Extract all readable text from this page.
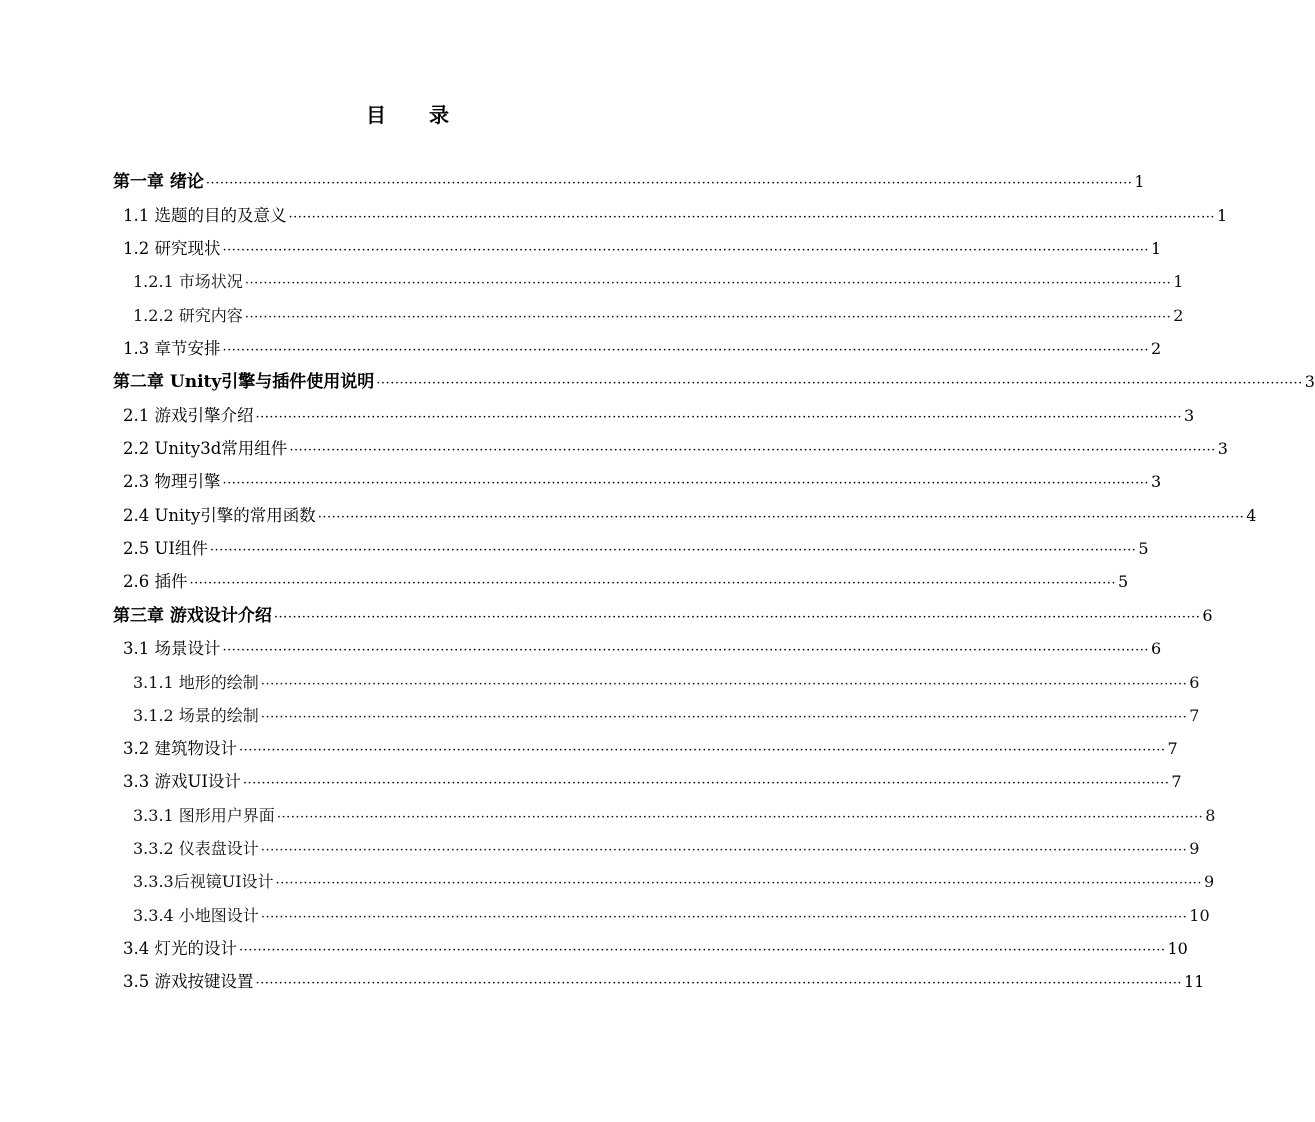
目 录
第一章 绪论 ········································································································································································································ 1
1.1 选题的目的及意义 ········································································································································································································ 1
1.2 研究现状 ········································································································································································································ 1
1.2.1 市场状况 ········································································································································································································ 1
1.2.2 研究内容 ········································································································································································································ 2
1.3 章节安排 ········································································································································································································ 2
第二章 Unity引擎与插件使用说明 ········································································································································································································ 3
2.1 游戏引擎介绍 ········································································································································································································ 3
2.2 Unity3d常用组件 ········································································································································································································ 3
2.3 物理引擎 ········································································································································································································ 3
2.4 Unity引擎的常用函数 ········································································································································································································ 4
2.5 UI组件 ········································································································································································································ 5
2.6 插件 ········································································································································································································ 5
第三章 游戏设计介绍 ········································································································································································································ 6
3.1 场景设计 ········································································································································································································ 6
3.1.1 地形的绘制 ········································································································································································································ 6
3.1.2 场景的绘制 ········································································································································································································ 7
3.2 建筑物设计 ········································································································································································································ 7
3.3 游戏UI设计 ········································································································································································································ 7
3.3.1 图形用户界面 ········································································································································································································ 8
3.3.2 仪表盘设计 ········································································································································································································ 9
3.3.3后视镜UI设计 ········································································································································································································ 9
3.3.4 小地图设计 ········································································································································································································ 10
3.4 灯光的设计 ········································································································································································································ 10
3.5 游戏按键设置 ········································································································································································································ 11
